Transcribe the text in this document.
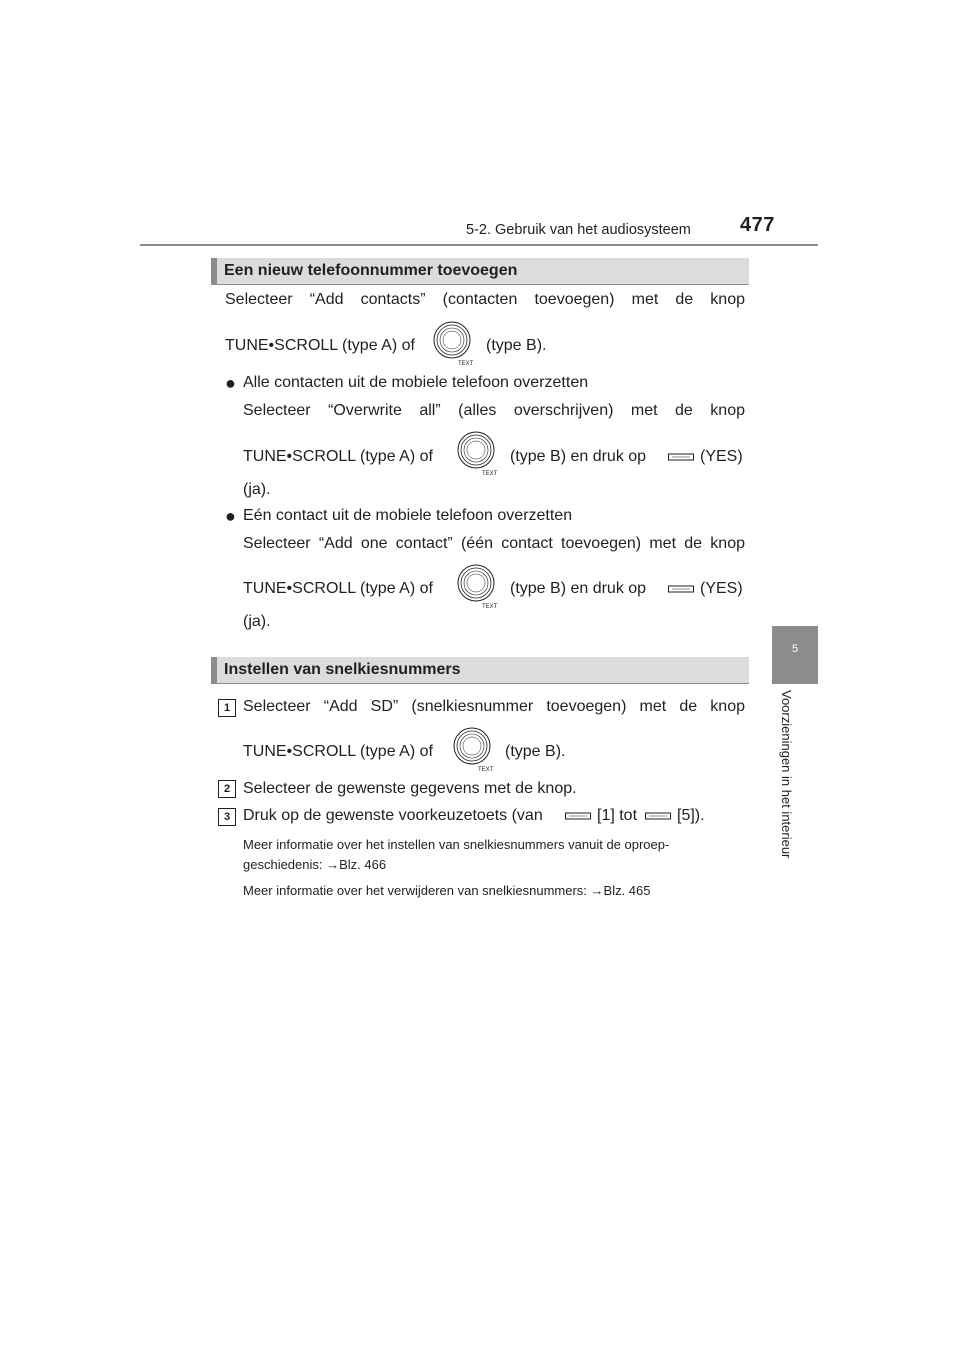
5-2. Gebruik van het audiosysteem 477
5
Voorzieningen in het interieur
Een nieuw telefoonnummer toevoegen
Selecteer “Add contacts” (contacten toevoegen) met de knop
TUNE•SCROLL (type A) of
TEXT
(type B).
● Alle contacten uit de mobiele telefoon overzetten
Selecteer “Overwrite all” (alles overschrijven) met de knop
TUNE•SCROLL (type A) of
TEXT
(type B) en druk op	(YES)
(ja).
● Eén contact uit de mobiele telefoon overzetten
Selecteer “Add one contact” (één contact toevoegen) met de knop
TUNE•SCROLL (type A) of
TEXT
(type B) en druk op	(YES)
(ja).
Instellen van snelkiesnummers
1 Selecteer “Add SD” (snelkiesnummer toevoegen) met de knop
TUNE•SCROLL (type A) of
TEXT
(type B).
2 Selecteer de gewenste gegevens met de knop.
3 Druk op de gewenste voorkeuzetoets (van	[1] tot [5]).
Meer informatie over het instellen van snelkiesnummers vanuit de oproep-
geschiedenis: →Blz. 466
Meer informatie over het verwijderen van snelkiesnummers: →Blz. 465
